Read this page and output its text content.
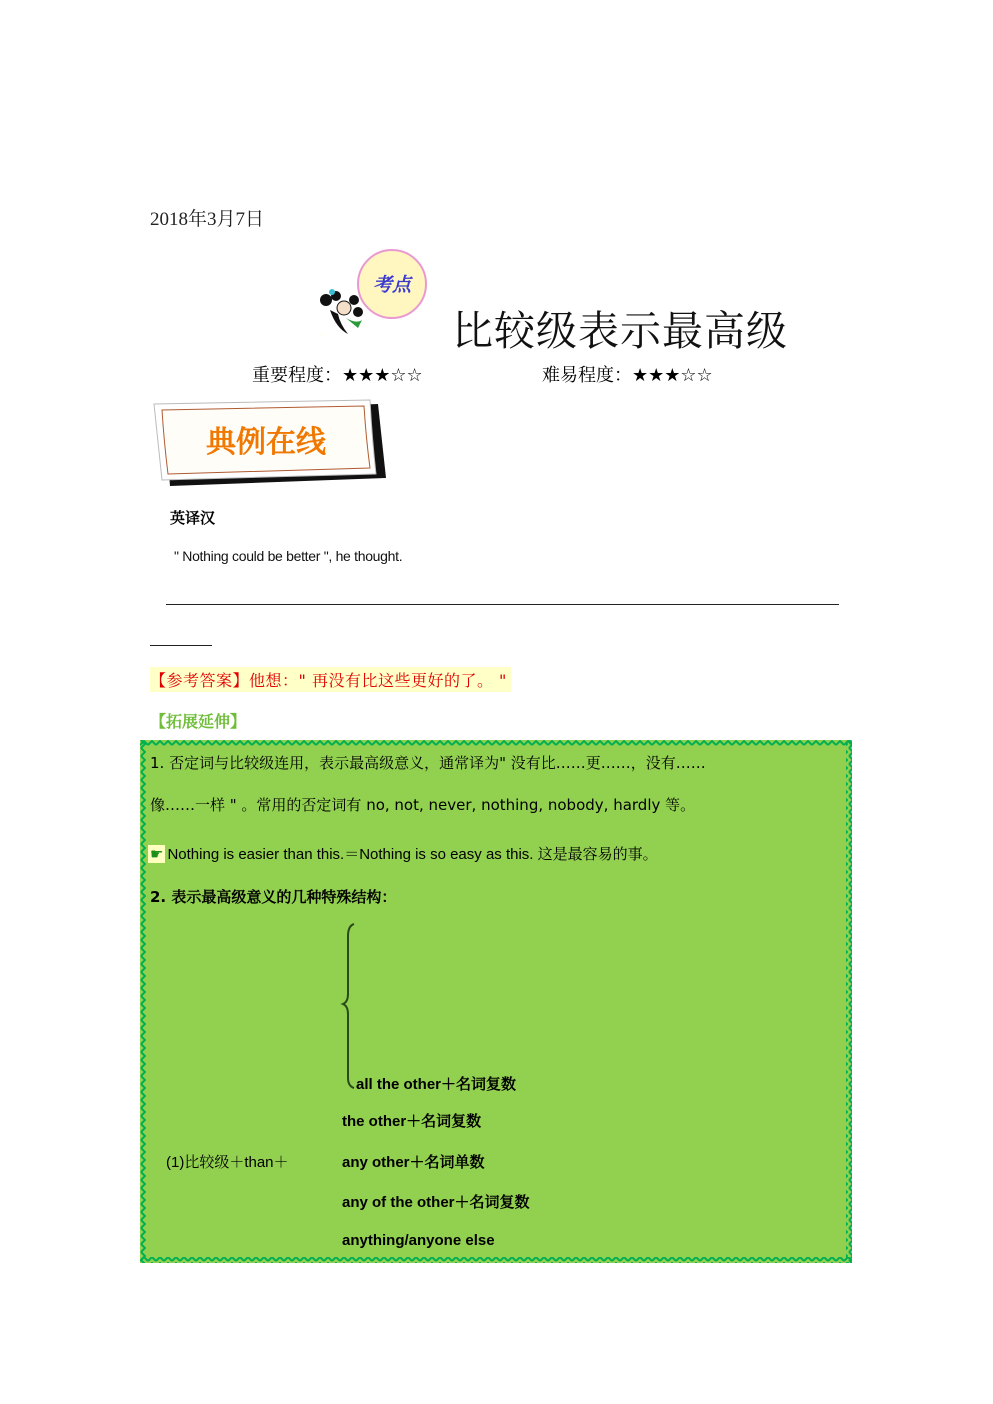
2018年3月7日
考点
比较级表示最高级
重要程度：★★★☆☆	难易程度：★★★☆☆
典例在线
英译汉
" Nothing could be better ", he thought.
【参考答案】他想：" 再没有比这些更好的了。 "
【拓展延伸】
1. 否定词与比较级连用，表示最高级意义，通常译为" 没有比……更……，没有……
像……一样 " 。常用的否定词有 no, not, never, nothing, nobody, hardly 等。
☛ Nothing is easier than this.＝Nothing is so easy as this. 这是最容易的事。
2. 表示最高级意义的几种特殊结构：
all the other＋名词复数
the other＋名词复数
(1)比较级＋than＋	any other＋名词单数
any of the other＋名词复数
anything/anyone else
